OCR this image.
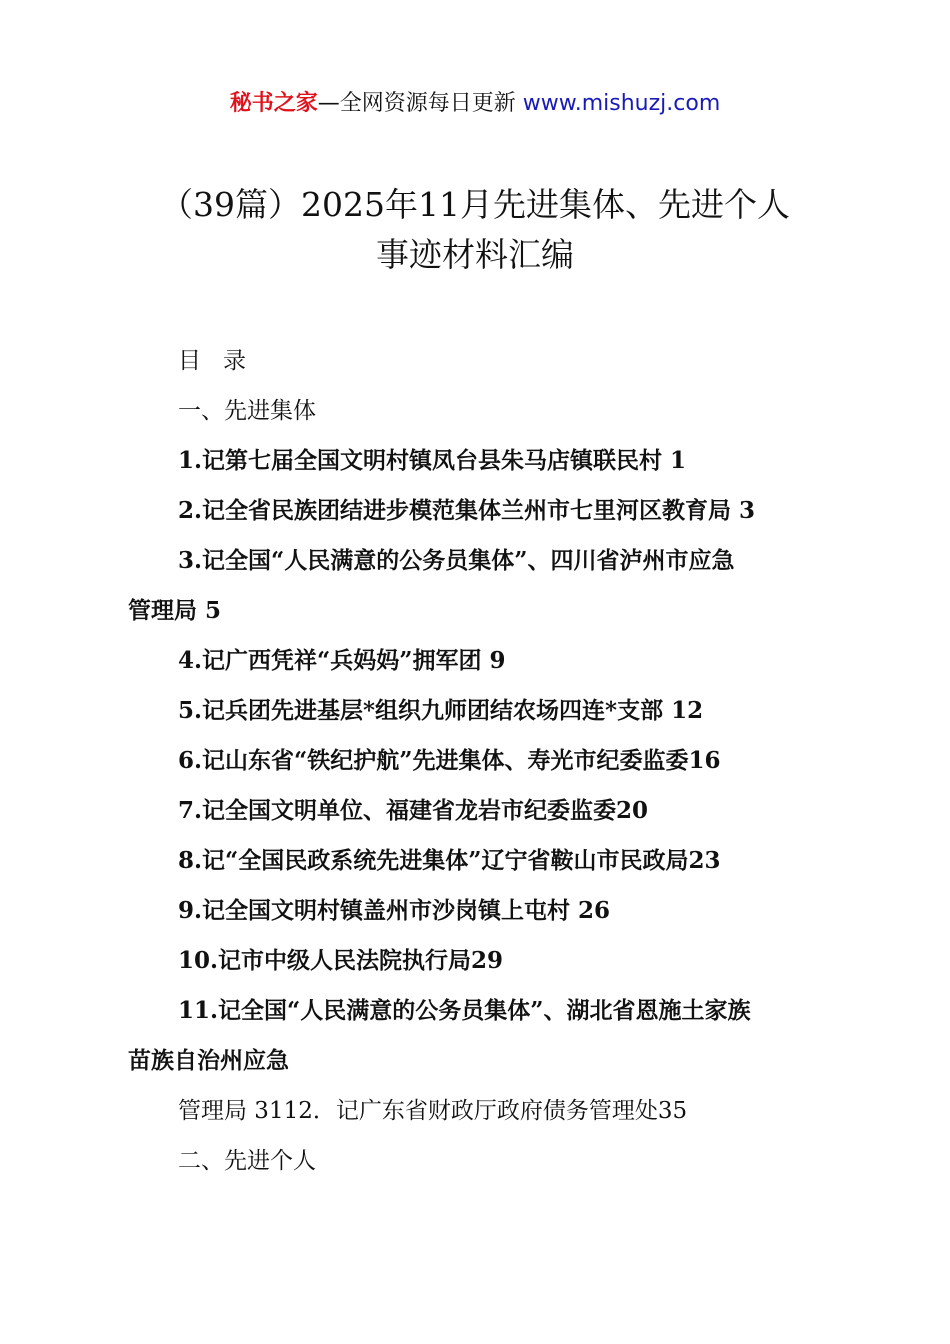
秘书之家—全网资源每日更新 www.mishuzj.com
（39篇）2025年11月先进集体、先进个人
事迹材料汇编
目 录
一、先进集体
1.记第七届全国文明村镇凤台县朱马店镇联民村 1
2.记全省民族团结进步模范集体兰州市七里河区教育局 3
3.记全国“人民满意的公务员集体”、四川省泸州市应急
管理局 5
4.记广西凭祥“兵妈妈”拥军团 9
5.记兵团先进基层*组织九师团结农场四连*支部 12
6.记山东省“铁纪护航”先进集体、寿光市纪委监委16
7.记全国文明单位、福建省龙岩市纪委监委20
8.记“全国民政系统先进集体”辽宁省鞍山市民政局23
9.记全国文明村镇盖州市沙岗镇上屯村 26
10.记市中级人民法院执行局29
11.记全国“人民满意的公务员集体”、湖北省恩施土家族
苗族自治州应急
管理局 3112．记广东省财政厅政府债务管理处35
二、先进个人
